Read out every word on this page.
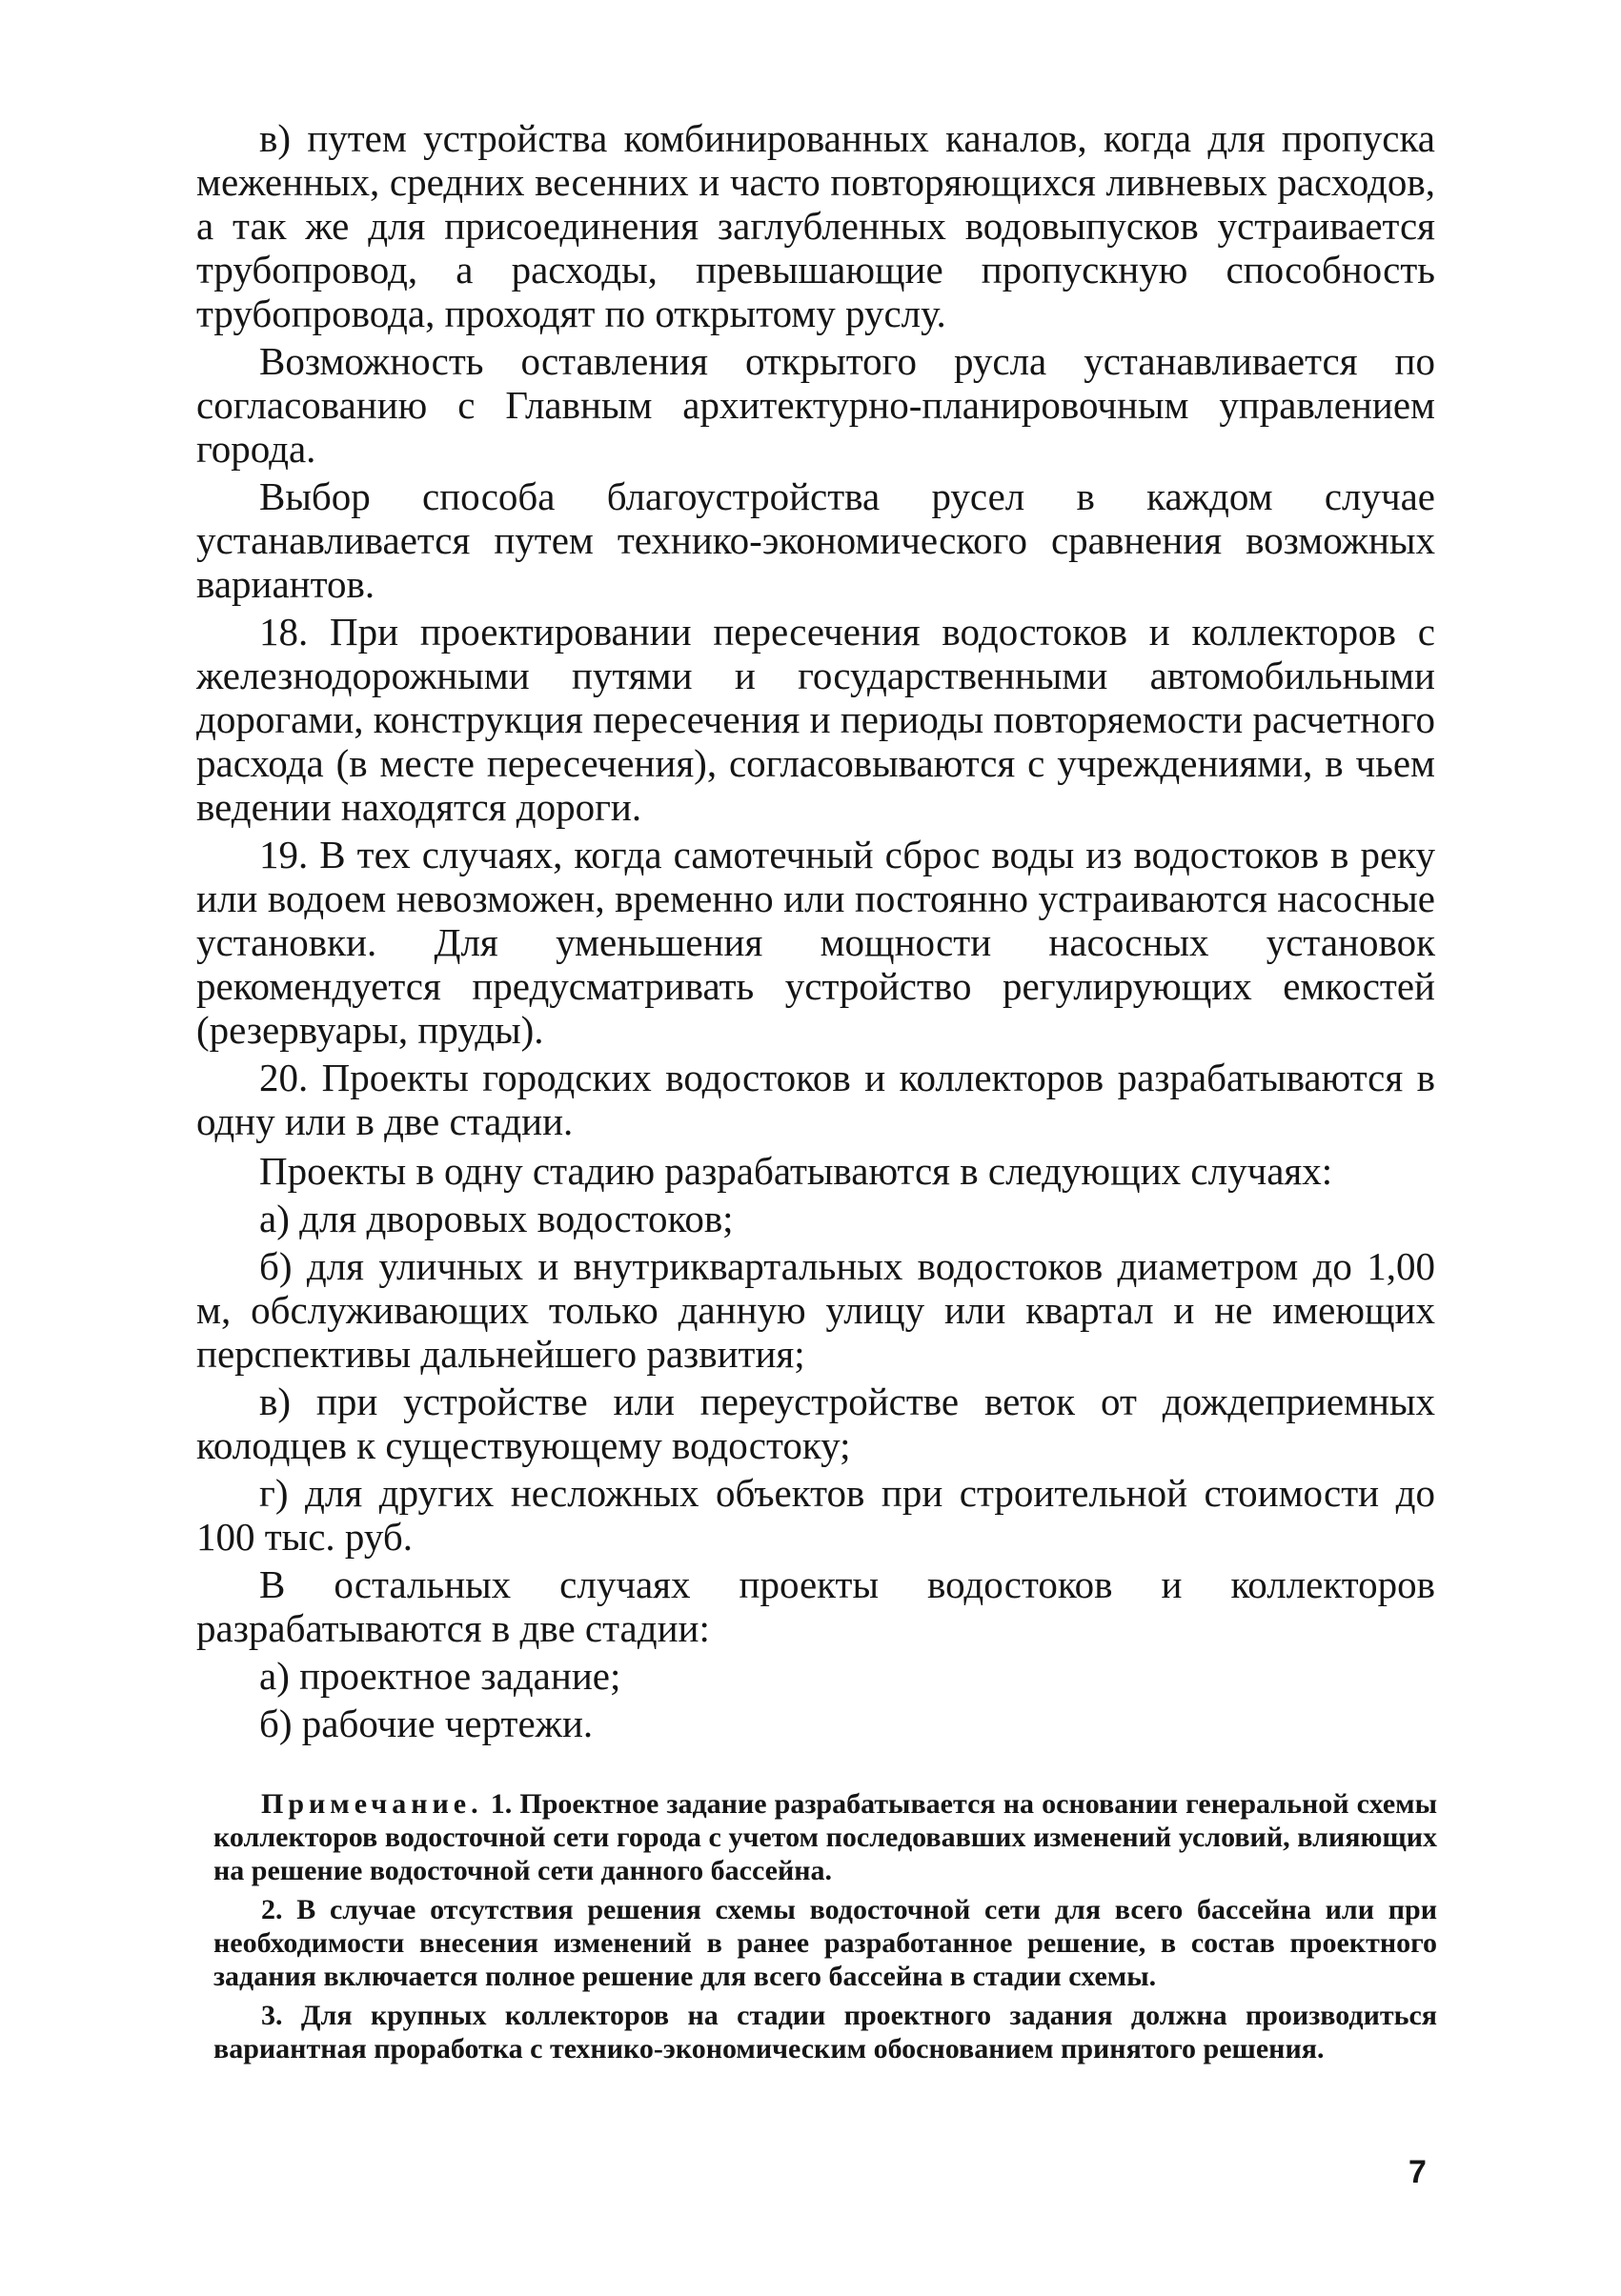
в) путем устройства комбинированных каналов, когда для пропуска меженных, средних весенних и часто повторяющихся ливневых расходов, а так же для присоединения заглубленных водовыпусков устраивается трубопровод, а расходы, превышающие пропускную способность трубопровода, проходят по открытому руслу.

Возможность оставления открытого русла устанавливается по согласованию с Главным архитектурно-планировочным управлением города.

Выбор способа благоустройства русел в каждом случае устанавливается путем технико-экономического сравнения возможных вариантов.

18. При проектировании пересечения водостоков и коллекторов с железнодорожными путями и государственными автомобильными дорогами, конструкция пересечения и периоды повторяемости расчетного расхода (в месте пересечения), согласовываются с учреждениями, в чьем ведении находятся дороги.

19. В тех случаях, когда самотечный сброс воды из водостоков в реку или водоем невозможен, временно или постоянно устраиваются насосные установки. Для уменьшения мощности насосных установок рекомендуется предусматривать устройство регулирующих емкостей (резервуары, пруды).

20. Проекты городских водостоков и коллекторов разрабатываются в одну или в две стадии.

Проекты в одну стадию разрабатываются в следующих случаях:

а) для дворовых водостоков;

б) для уличных и внутриквартальных водостоков диаметром до 1,00 м, обслуживающих только данную улицу или квартал и не имеющих перспективы дальнейшего развития;

в) при устройстве или переустройстве веток от дождеприемных колодцев к существующему водостоку;

г) для других несложных объектов при строительной стоимости до 100 тыс. руб.

В остальных случаях проекты водостоков и коллекторов разрабатываются в две стадии:

а) проектное задание;

б) рабочие чертежи.

Примечание. 1. Проектное задание разрабатывается на основании генеральной схемы коллекторов водосточной сети города с учетом последовавших изменений условий, влияющих на решение водосточной сети данного бассейна.

2. В случае отсутствия решения схемы водосточной сети для всего бассейна или при необходимости внесения изменений в ранее разработанное решение, в состав проектного задания включается полное решение для всего бассейна в стадии схемы.

3. Для крупных коллекторов на стадии проектного задания должна производиться вариантная проработка с технико-экономическим обоснованием принятого решения.

7
